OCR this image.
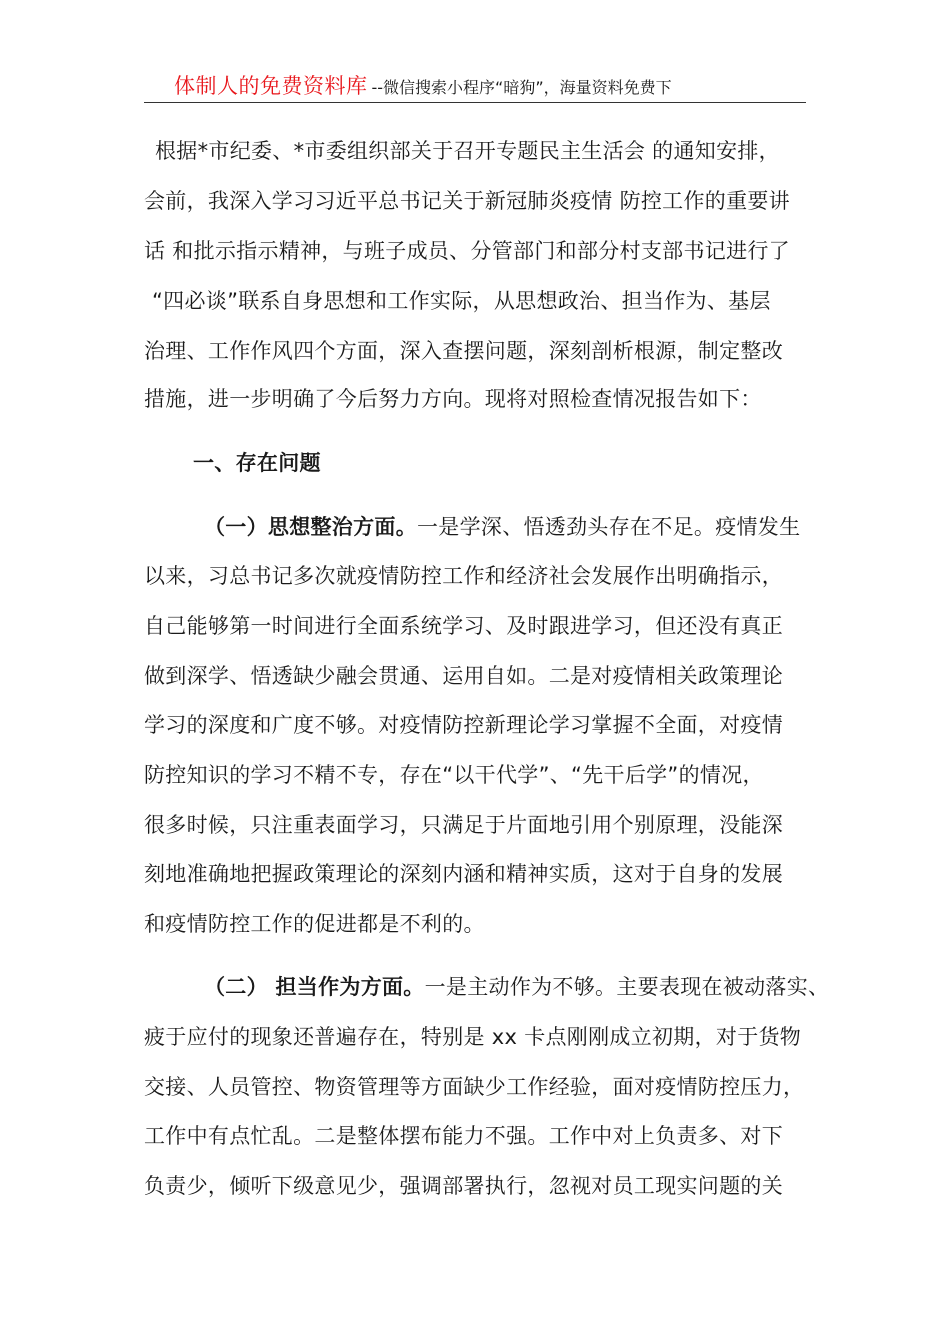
体制人的免费资料库 --微信搜索小程序“暗狗”，海量资料免费下
根据*市纪委、*市委组织部关于召开专题民主生活会 的通知安排，
会前，我深入学习习近平总书记关于新冠肺炎疫情 防控工作的重要讲
话 和批示指示精神，与班子成员、分管部门和部分村支部书记进行了
“四必谈”联系自身思想和工作实际，从思想政治、担当作为、基层
治理、工作作风四个方面，深入查摆问题，深刻剖析根源，制定整改
措施，进一步明确了今后努力方向。现将对照检查情况报告如下：
一、存在问题
（一）思想整治方面。一是学深、悟透劲头存在不足。疫情发生
以来，习总书记多次就疫情防控工作和经济社会发展作出明确指示，
自己能够第一时间进行全面系统学习、及时跟进学习，但还没有真正
做到深学、悟透缺少融会贯通、运用自如。二是对疫情相关政策理论
学习的深度和广度不够。对疫情防控新理论学习掌握不全面，对疫情
防控知识的学习不精不专，存在“以干代学”、“先干后学”的情况，
很多时候，只注重表面学习，只满足于片面地引用个别原理，没能深
刻地准确地把握政策理论的深刻内涵和精神实质，这对于自身的发展
和疫情防控工作的促进都是不利的。
（二） 担当作为方面。一是主动作为不够。主要表现在被动落实、
疲于应付的现象还普遍存在，特别是 xx 卡点刚刚成立初期，对于货物
交接、人员管控、物资管理等方面缺少工作经验，面对疫情防控压力，
工作中有点忙乱。二是整体摆布能力不强。工作中对上负责多、对下
负责少，倾听下级意见少，强调部署执行，忽视对员工现实问题的关
